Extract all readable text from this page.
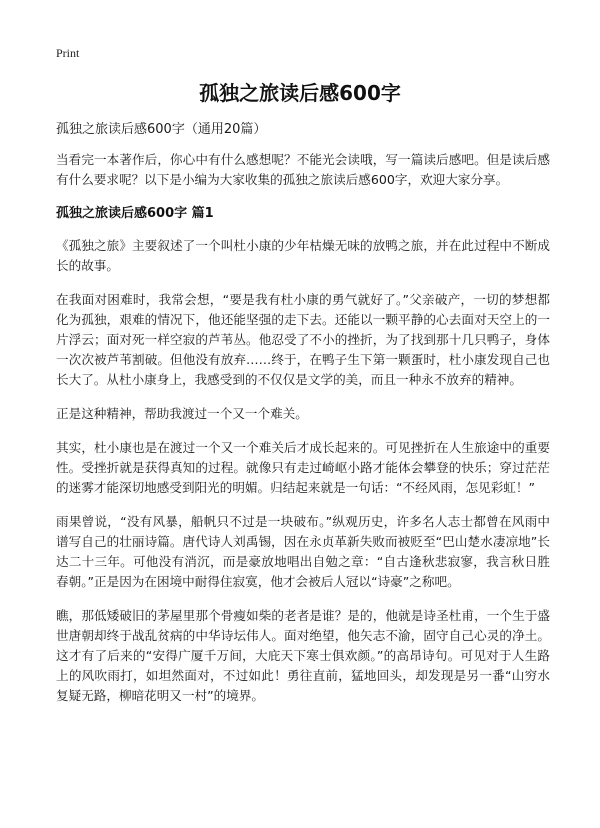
Print
孤独之旅读后感600字
孤独之旅读后感600字（通用20篇）

当看完一本著作后，你心中有什么感想呢？不能光会读哦，写一篇读后感吧。但是读后感有什么要求呢？以下是小编为大家收集的孤独之旅读后感600字，欢迎大家分享。

孤独之旅读后感600字 篇1

《孤独之旅》主要叙述了一个叫杜小康的少年枯燥无味的放鸭之旅，并在此过程中不断成长的故事。

在我面对困难时，我常会想，“要是我有杜小康的勇气就好了。”父亲破产，一切的梦想都化为孤独，艰难的情况下，他还能坚强的走下去。还能以一颗平静的心去面对天空上的一片浮云；面对死一样空寂的芦苇丛。他忍受了不小的挫折，为了找到那十几只鸭子，身体一次次被芦苇割破。但他没有放弃……终于，在鸭子生下第一颗蛋时，杜小康发现自己也长大了。从杜小康身上，我感受到的不仅仅是文学的美，而且一种永不放弃的精神。

正是这种精神，帮助我渡过一个又一个难关。

其实，杜小康也是在渡过一个又一个难关后才成长起来的。可见挫折在人生旅途中的重要性。受挫折就是获得真知的过程。就像只有走过崎岖小路才能体会攀登的快乐；穿过茫茫的迷雾才能深切地感受到阳光的明媚。归结起来就是一句话：“不经风雨，怎见彩虹！”

雨果曾说，“没有风暴，船帆只不过是一块破布。”纵观历史，许多名人志士都曾在风雨中谱写自己的壮丽诗篇。唐代诗人刘禹锡，因在永贞革新失败而被贬至“巴山楚水凄凉地”长达二十三年。可他没有消沉，而是豪放地唱出自勉之章：“自古逢秋悲寂寥，我言秋日胜春朝。”正是因为在困境中耐得住寂寞，他才会被后人冠以“诗豪”之称吧。

瞧，那低矮破旧的茅屋里那个骨瘦如柴的老者是谁？是的，他就是诗圣杜甫，一个生于盛世唐朝却终于战乱贫病的中华诗坛伟人。面对绝望，他矢志不渝，固守自己心灵的净土。这才有了后来的“安得广厦千万间，大庇天下寒士俱欢颜。”的高昂诗句。可见对于人生路上的风吹雨打，如坦然面对，不过如此！勇往直前，猛地回头，却发现是另一番“山穷水复疑无路，柳暗花明又一村”的境界。
